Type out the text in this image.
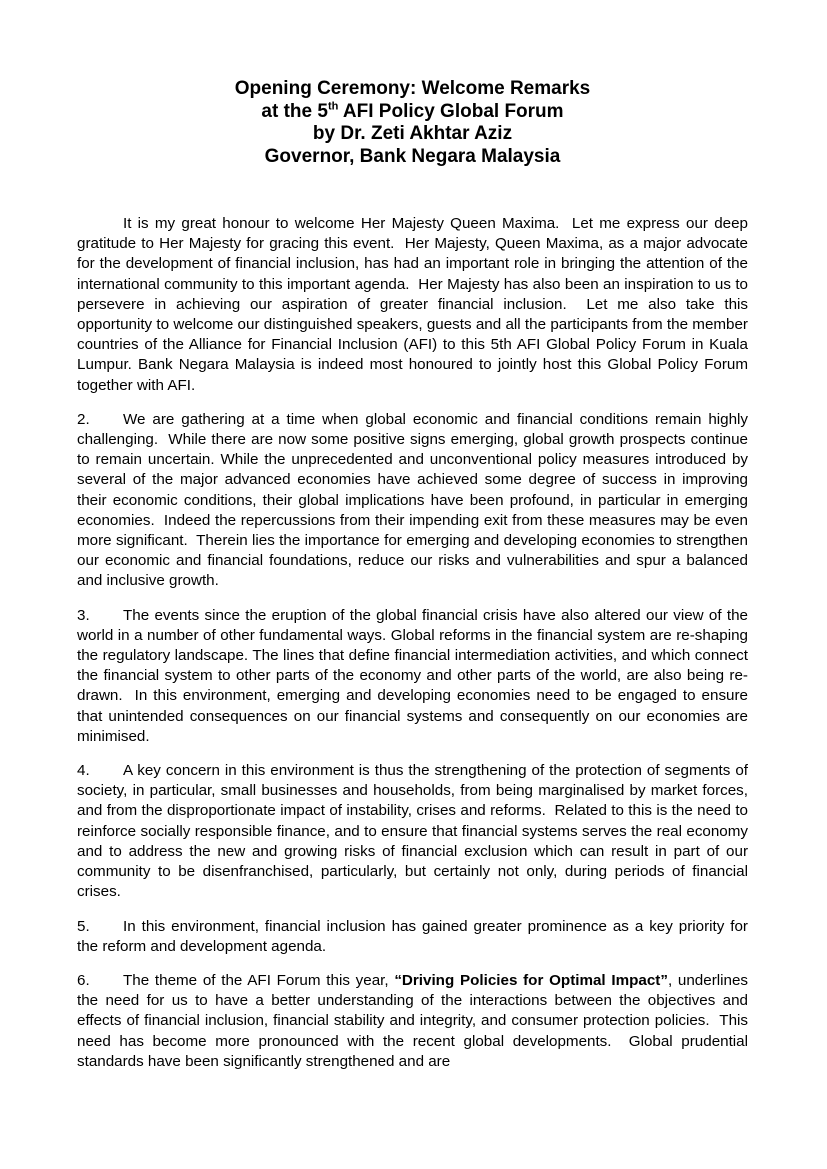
Opening Ceremony: Welcome Remarks
at the 5th AFI Policy Global Forum
by Dr. Zeti Akhtar Aziz
Governor, Bank Negara Malaysia

It is my great honour to welcome Her Majesty Queen Maxima.  Let me express our deep gratitude to Her Majesty for gracing this event.  Her Majesty, Queen Maxima, as a major advocate for the development of financial inclusion, has had an important role in bringing the attention of the international community to this important agenda.  Her Majesty has also been an inspiration to us to persevere in achieving our aspiration of greater financial inclusion.  Let me also take this opportunity to welcome our distinguished speakers, guests and all the participants from the member countries of the Alliance for Financial Inclusion (AFI) to this 5th AFI Global Policy Forum in Kuala Lumpur. Bank Negara Malaysia is indeed most honoured to jointly host this Global Policy Forum together with AFI.

2. We are gathering at a time when global economic and financial conditions remain highly challenging.  While there are now some positive signs emerging, global growth prospects continue to remain uncertain. While the unprecedented and unconventional policy measures introduced by several of the major advanced economies have achieved some degree of success in improving their economic conditions, their global implications have been profound, in particular in emerging economies.  Indeed the repercussions from their impending exit from these measures may be even more significant.  Therein lies the importance for emerging and developing economies to strengthen our economic and financial foundations, reduce our risks and vulnerabilities and spur a balanced and inclusive growth.

3. The events since the eruption of the global financial crisis have also altered our view of the world in a number of other fundamental ways. Global reforms in the financial system are re-shaping the regulatory landscape. The lines that define financial intermediation activities, and which connect the financial system to other parts of the economy and other parts of the world, are also being re-drawn.  In this environment, emerging and developing economies need to be engaged to ensure that unintended consequences on our financial systems and consequently on our economies are minimised.

4. A key concern in this environment is thus the strengthening of the protection of segments of society, in particular, small businesses and households, from being marginalised by market forces, and from the disproportionate impact of instability, crises and reforms.  Related to this is the need to reinforce socially responsible finance, and to ensure that financial systems serves the real economy and to address the new and growing risks of financial exclusion which can result in part of our community to be disenfranchised, particularly, but certainly not only, during periods of financial crises.

5. In this environment, financial inclusion has gained greater prominence as a key priority for the reform and development agenda.

6. The theme of the AFI Forum this year, “Driving Policies for Optimal Impact”, underlines the need for us to have a better understanding of the interactions between the objectives and effects of financial inclusion, financial stability and integrity, and consumer protection policies.  This need has become more pronounced with the recent global developments.  Global prudential standards have been significantly strengthened and are
